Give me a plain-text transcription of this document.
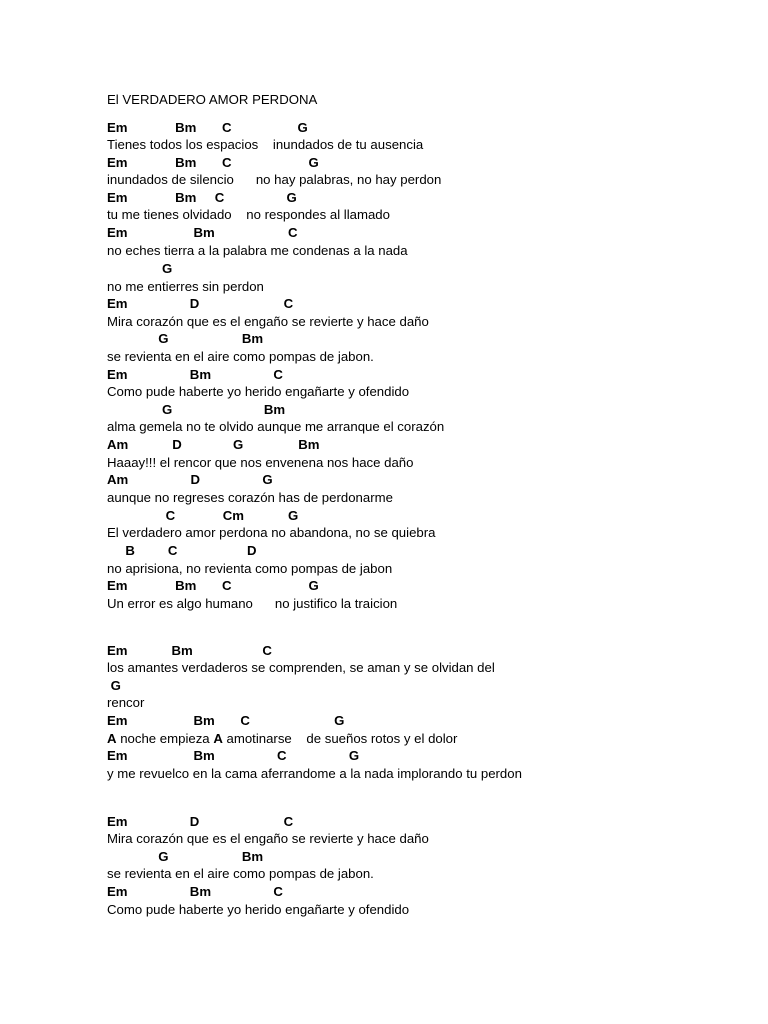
El VERDADERO AMOR PERDONA
Em             Bm       C                  G
Tienes todos los espacios    inundados de tu ausencia
Em             Bm       C                     G
inundados de silencio      no hay palabras, no hay perdon
Em             Bm     C                 G
tu me tienes olvidado    no respondes al llamado
Em                  Bm                    C
no eches tierra a la palabra me condenas a la nada
G
no me entierres sin perdon
Em                 D                       C
Mira corazón que es el engaño se revierte y hace daño
G                    Bm
se revienta en el aire como pompas de jabon.
Em                 Bm                 C
Como pude haberte yo herido engañarte y ofendido
G                         Bm
alma gemela no te olvido aunque me arranque el corazón
Am            D              G               Bm
Haaay!!! el rencor que nos envenena nos hace daño
Am                 D                 G
aunque no regreses corazón has de perdonarme
C             Cm            G
El verdadero amor perdona no abandona, no se quiebra
B         C                   D
no aprisiona, no revienta como pompas de jabon
Em             Bm       C                     G
Un error es algo humano      no justifico la traicion
Em            Bm                   C
los amantes verdaderos se comprenden, se aman y se olvidan del
G
rencor
Em                  Bm       C                       G
A noche empieza A amotinarse    de sueños rotos y el dolor
Em                  Bm                 C                 G
y me revuelco en la cama aferrandome a la nada implorando tu perdon
Em                 D                       C
Mira corazón que es el engaño se revierte y hace daño
G                    Bm
se revienta en el aire como pompas de jabon.
Em                 Bm                 C
Como pude haberte yo herido engañarte y ofendido
